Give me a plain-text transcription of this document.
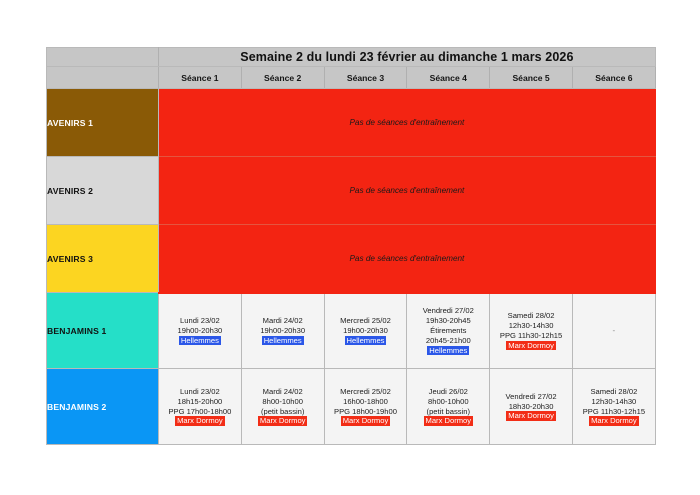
	Semaine 2 du lundi 23 février au dimanche 1 mars 2026					
	Séance 1	Séance 2	Séance 3	Séance 4	Séance 5	Séance 6
AVENIRS 1	Pas de séances d'entraînement					
AVENIRS 2	Pas de séances d'entraînement					
AVENIRS 3	Pas de séances d'entraînement					
BENJAMINS 1	Lundi 23/02
19h00-20h30
Hellemmes	Mardi 24/02
19h00-20h30
Hellemmes	Mercredi 25/02
19h00-20h30
Hellemmes	Vendredi 27/02
19h30-20h45
Étirements
20h45-21h00
Hellemmes	Samedi 28/02
12h30-14h30
PPG 11h30-12h15
Marx Dormoy	-

BENJAMINS 2	Lundi 23/02
18h15-20h00
PPG 17h00-18h00
Marx Dormoy	Mardi 24/02
8h00-10h00
(petit bassin)
Marx Dormoy	Mercredi 25/02
16h00-18h00
PPG 18h00-19h00
Marx Dormoy	Jeudi 26/02
8h00-10h00
(petit bassin)
Marx Dormoy	Vendredi 27/02
18h30-20h30
Marx Dormoy	Samedi 28/02
12h30-14h30
PPG 11h30-12h15
Marx Dormoy
